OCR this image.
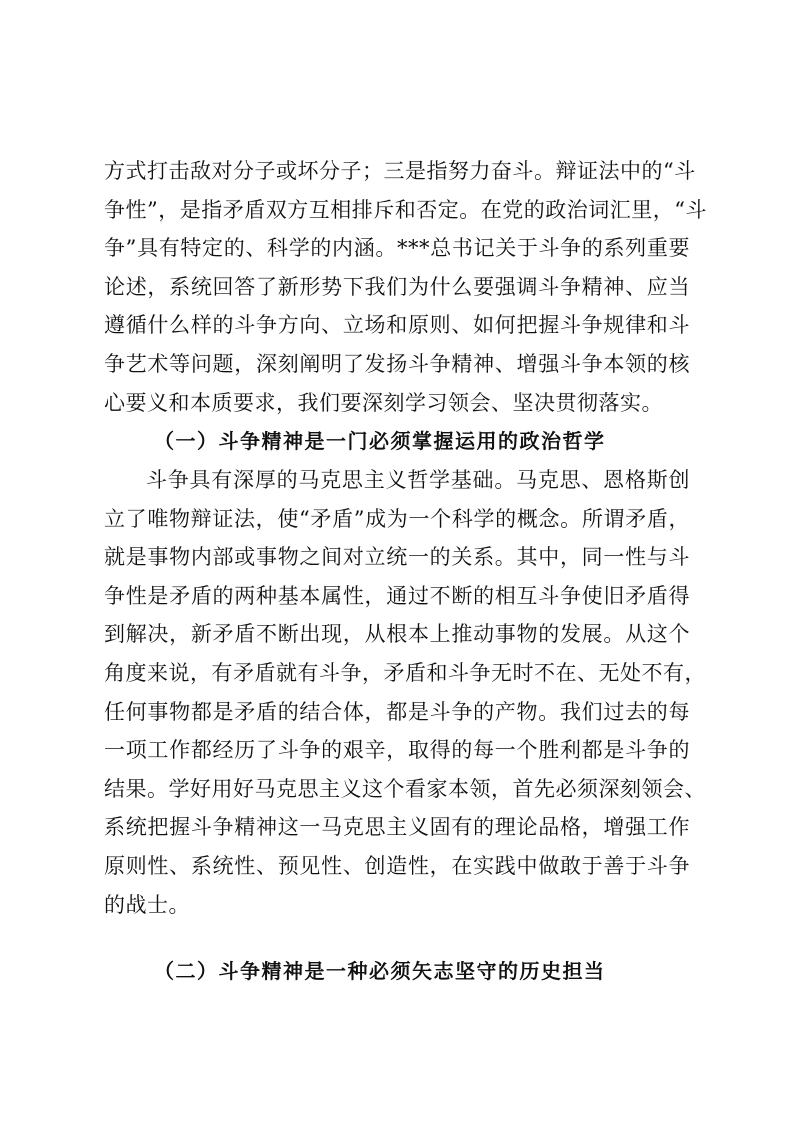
方式打击敌对分子或坏分子；三是指努力奋斗。辩证法中的“斗
争性”，是指矛盾双方互相排斥和否定。在党的政治词汇里，“斗
争”具有特定的、科学的内涵。***总书记关于斗争的系列重要
论述，系统回答了新形势下我们为什么要强调斗争精神、应当
遵循什么样的斗争方向、立场和原则、如何把握斗争规律和斗
争艺术等问题，深刻阐明了发扬斗争精神、增强斗争本领的核
心要义和本质要求，我们要深刻学习领会、坚决贯彻落实。
（一）斗争精神是一门必须掌握运用的政治哲学
斗争具有深厚的马克思主义哲学基础。马克思、恩格斯创
立了唯物辩证法，使“矛盾”成为一个科学的概念。所谓矛盾，
就是事物内部或事物之间对立统一的关系。其中，同一性与斗
争性是矛盾的两种基本属性，通过不断的相互斗争使旧矛盾得
到解决，新矛盾不断出现，从根本上推动事物的发展。从这个
角度来说，有矛盾就有斗争，矛盾和斗争无时不在、无处不有，
任何事物都是矛盾的结合体，都是斗争的产物。我们过去的每
一项工作都经历了斗争的艰辛，取得的每一个胜利都是斗争的
结果。学好用好马克思主义这个看家本领，首先必须深刻领会、
系统把握斗争精神这一马克思主义固有的理论品格，增强工作
原则性、系统性、预见性、创造性，在实践中做敢于善于斗争
的战士。
（二）斗争精神是一种必须矢志坚守的历史担当
